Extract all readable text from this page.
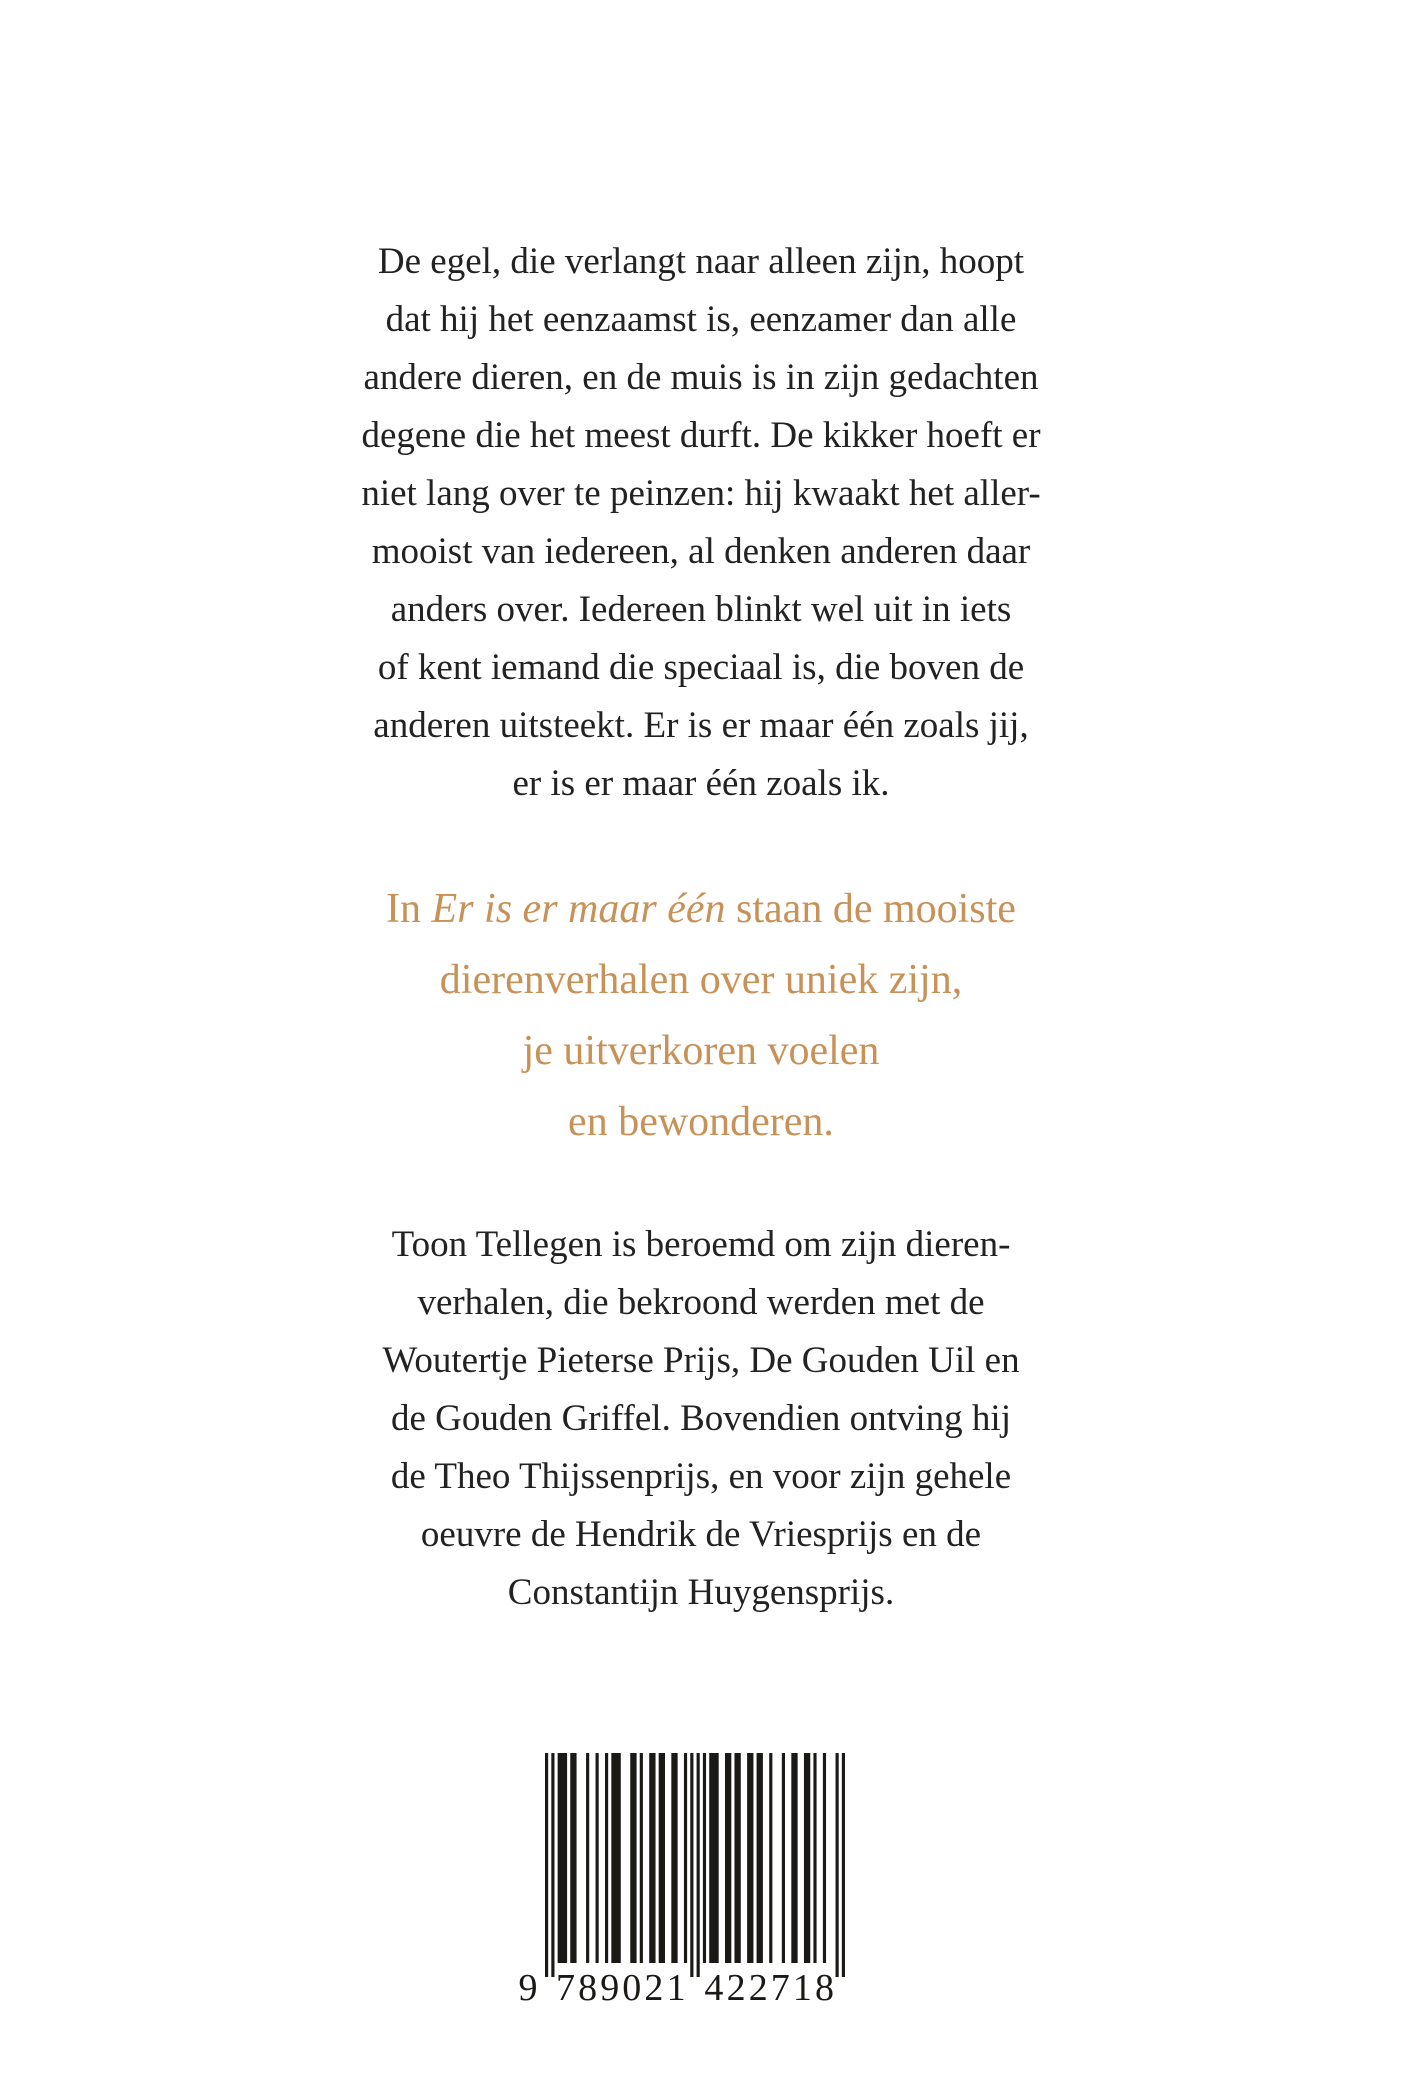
De egel, die verlangt naar alleen zijn, hoopt
dat hij het eenzaamst is, eenzamer dan alle
andere dieren, en de muis is in zijn gedachten
degene die het meest durft. De kikker hoeft er
niet lang over te peinzen: hij kwaakt het aller-
mooist van iedereen, al denken anderen daar
anders over. Iedereen blinkt wel uit in iets
of kent iemand die speciaal is, die boven de
anderen uitsteekt. Er is er maar één zoals jij,
er is er maar één zoals ik.
In Er is er maar één staan de mooiste
dierenverhalen over uniek zijn,
je uitverkoren voelen
en bewonderen.
Toon Tellegen is beroemd om zijn dieren-
verhalen, die bekroond werden met de
Woutertje Pieterse Prijs, De Gouden Uil en
de Gouden Griffel. Bovendien ontving hij
de Theo Thijssenprijs, en voor zijn gehele
oeuvre de Hendrik de Vriesprijs en de
Constantijn Huygensprijs.
9 7 8 9 0 2 1 4 2 2 7 1 8
